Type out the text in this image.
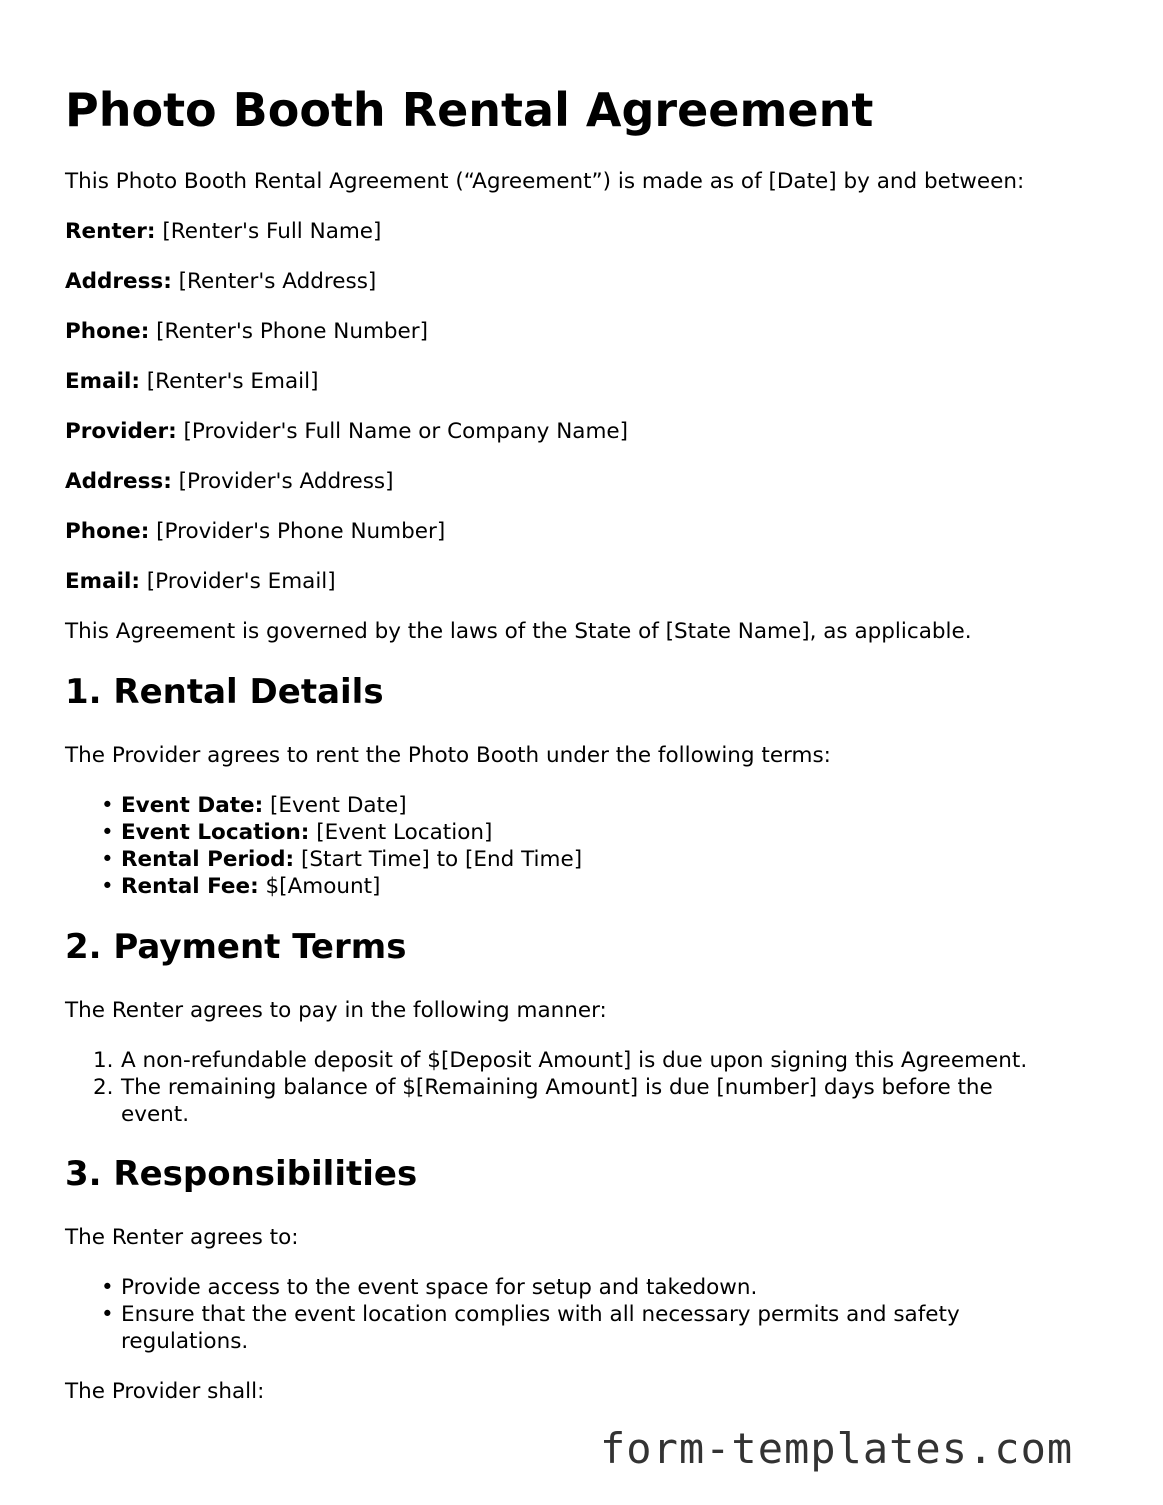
Photo Booth Rental Agreement
This Photo Booth Rental Agreement (“Agreement”) is made as of [Date] by and between:
Renter: [Renter's Full Name]
Address: [Renter's Address]
Phone: [Renter's Phone Number]
Email: [Renter's Email]
Provider: [Provider's Full Name or Company Name]
Address: [Provider's Address]
Phone: [Provider's Phone Number]
Email: [Provider's Email]
This Agreement is governed by the laws of the State of [State Name], as applicable.
1. Rental Details
The Provider agrees to rent the Photo Booth under the following terms:
• Event Date: [Event Date]
• Event Location: [Event Location]
• Rental Period: [Start Time] to [End Time]
• Rental Fee: $[Amount]
2. Payment Terms
The Renter agrees to pay in the following manner:
1. A non-refundable deposit of $[Deposit Amount] is due upon signing this Agreement.
2. The remaining balance of $[Remaining Amount] is due [number] days before the event.
3. Responsibilities
The Renter agrees to:
• Provide access to the event space for setup and takedown.
• Ensure that the event location complies with all necessary permits and safety regulations.
The Provider shall:
form-templates.com
